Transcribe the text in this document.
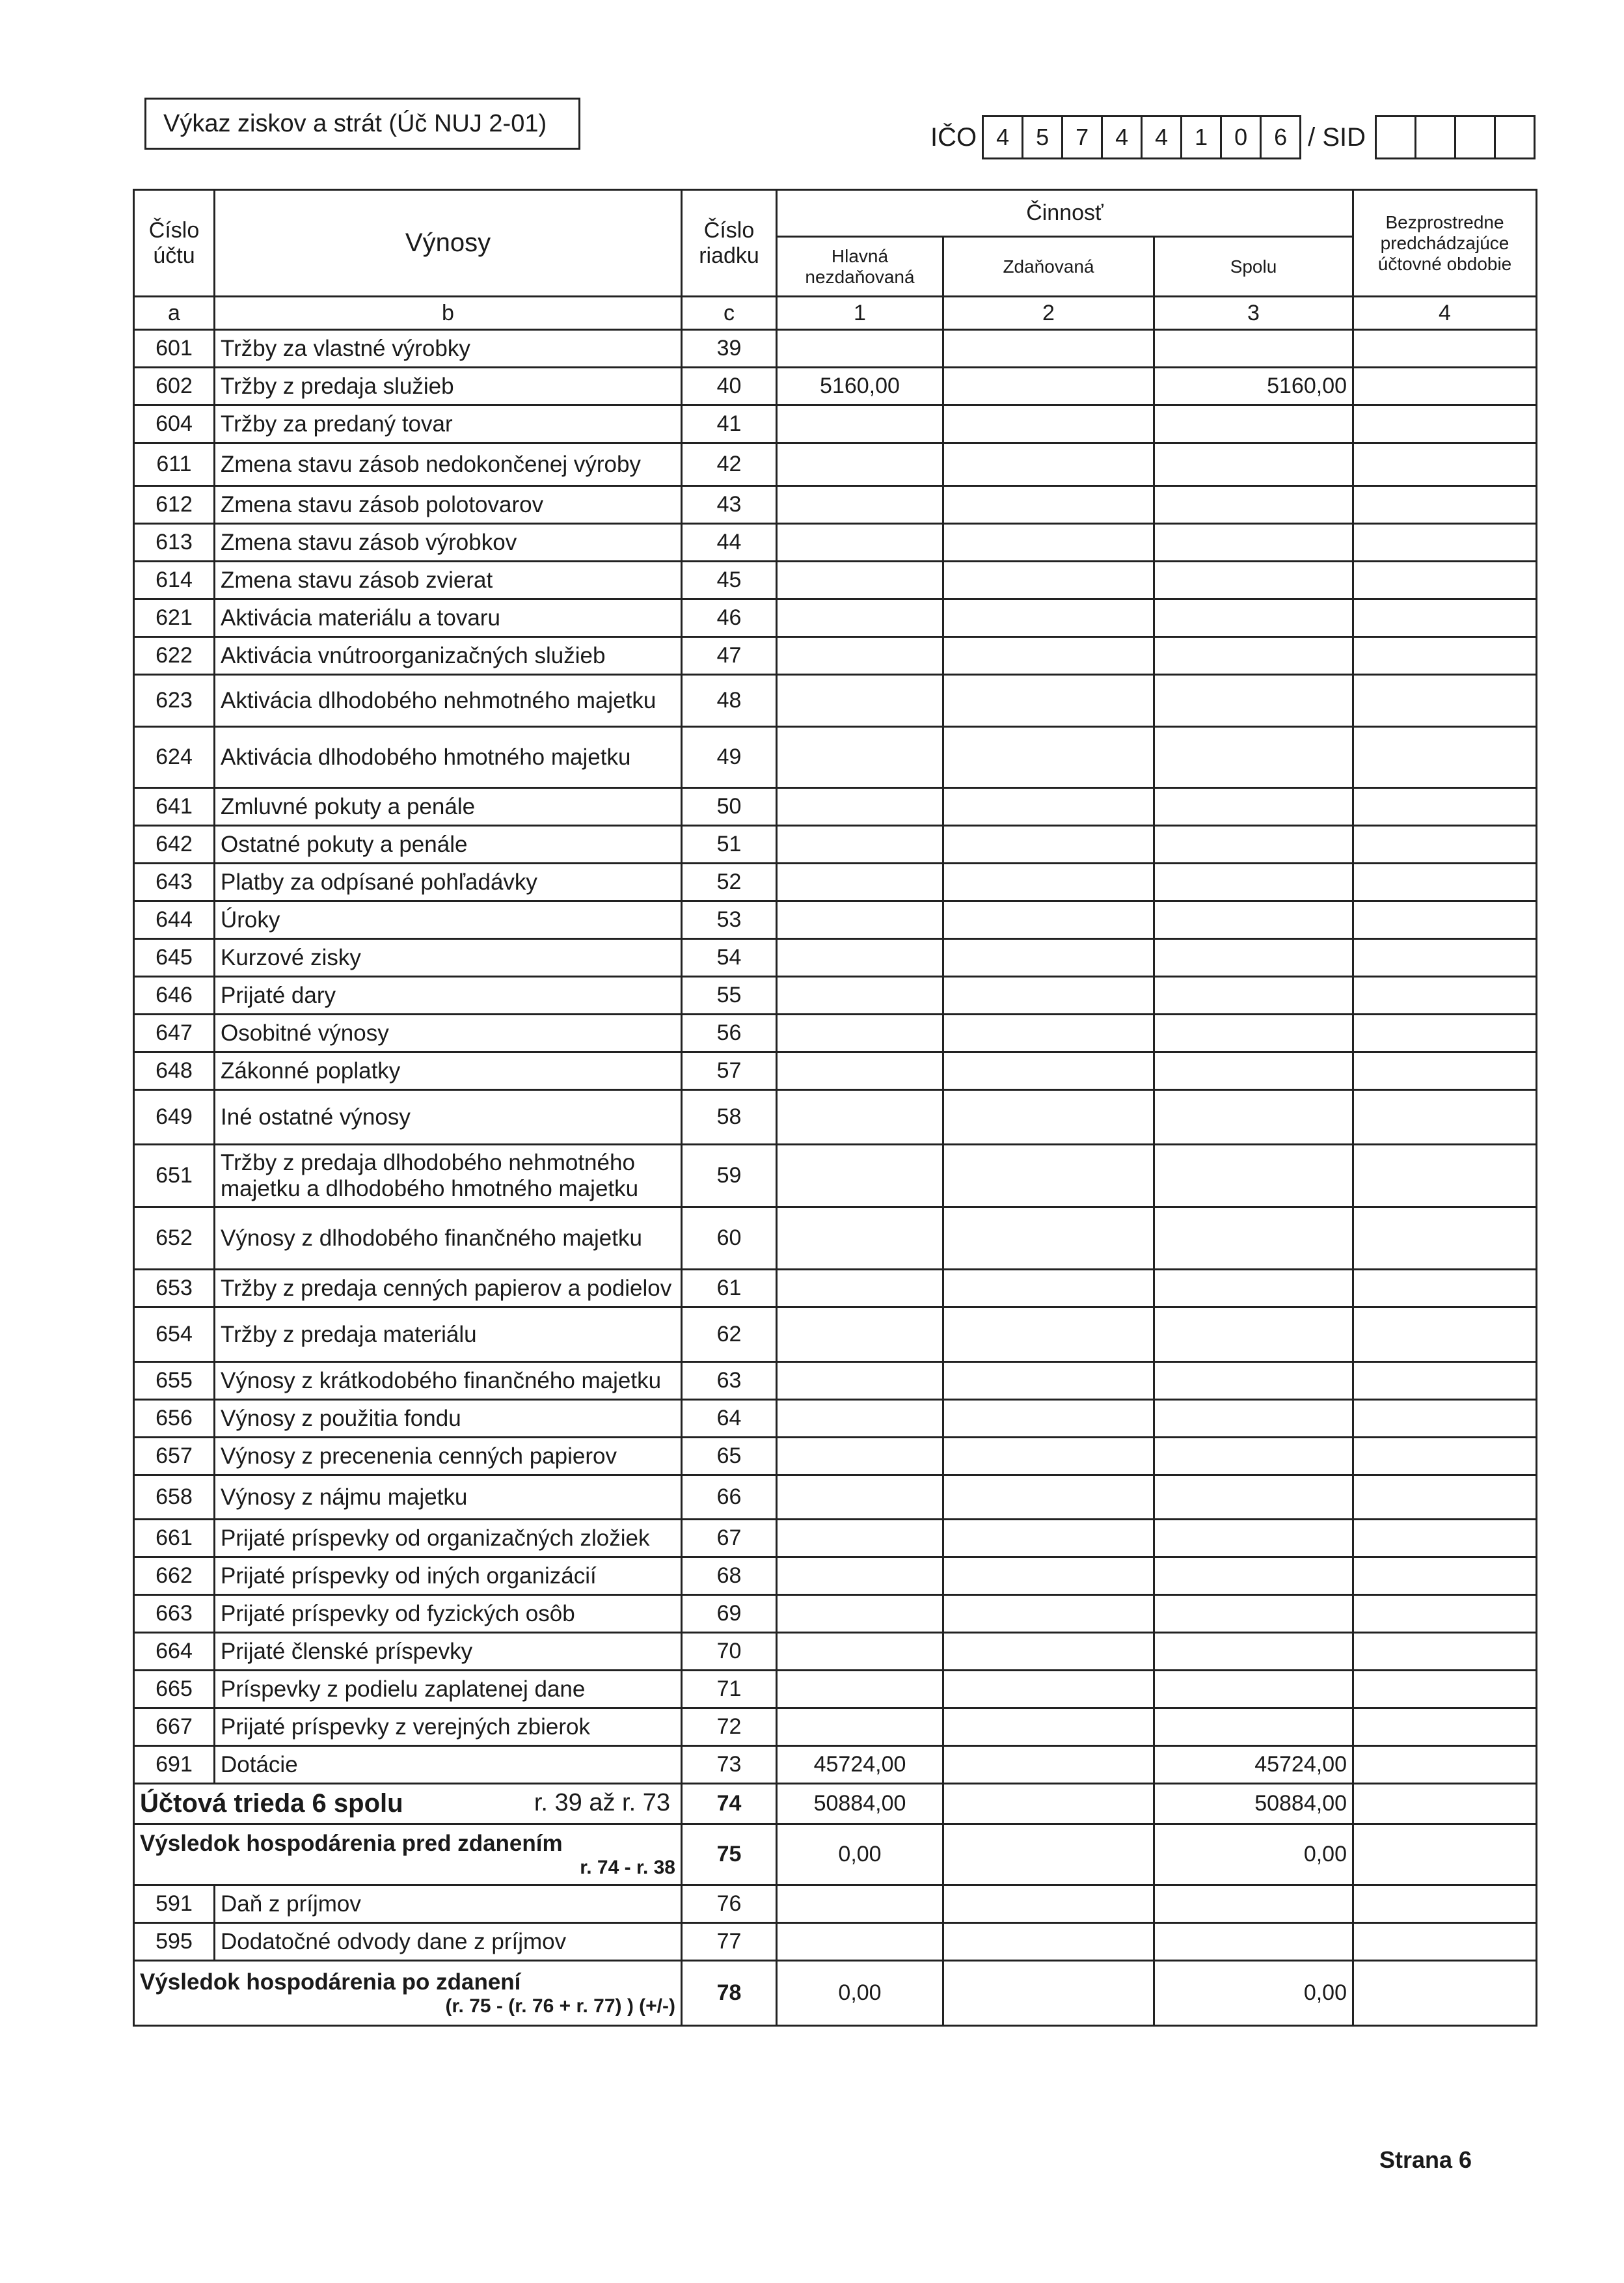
Výkaz ziskov a strát (Úč NUJ 2-01)	IČO 4	5	7	4	4	1	0	6 / SID
Číslo účtu	Výnosy	Číslo riadku	Činnosť			Bezprostredne predchádzajúce účtovné obdobie
			Hlavná nezdaňovaná	Zdaňovaná	Spolu	
a	b	c	1	2	3	4
601	Tržby za vlastné výrobky	39				
602	Tržby z predaja služieb	40	5160,00		5160,00	
604	Tržby za predaný tovar	41				
611	Zmena stavu zásob nedokončenej výroby	42				
612	Zmena stavu zásob polotovarov	43				
613	Zmena stavu zásob výrobkov	44				
614	Zmena stavu zásob zvierat	45				
621	Aktivácia materiálu a tovaru	46				
622	Aktivácia vnútroorganizačných služieb	47				
623	Aktivácia dlhodobého nehmotného majetku	48				
624	Aktivácia dlhodobého hmotného majetku	49				
641	Zmluvné pokuty a penále	50				
642	Ostatné pokuty a penále	51				
643	Platby za odpísané pohľadávky	52				
644	Úroky	53				
645	Kurzové zisky	54				
646	Prijaté dary	55				
647	Osobitné výnosy	56				
648	Zákonné poplatky	57				
649	Iné ostatné výnosy	58				
651	Tržby z predaja dlhodobého nehmotného majetku a dlhodobého hmotného majetku	59				
652	Výnosy z dlhodobého finančného majetku	60				
653	Tržby z predaja cenných papierov a podielov	61				
654	Tržby z predaja materiálu	62				
655	Výnosy z krátkodobého finančného majetku	63				
656	Výnosy z použitia fondu	64				
657	Výnosy z precenenia cenných papierov	65				
658	Výnosy z nájmu majetku	66				
661	Prijaté príspevky od organizačných zložiek	67				
662	Prijaté príspevky od iných organizácií	68				
663	Prijaté príspevky od fyzických osôb	69				
664	Prijaté členské príspevky	70				
665	Príspevky z podielu zaplatenej dane	71				
667	Prijaté príspevky z verejných zbierok	72				
691	Dotácie	73	45724,00		45724,00	
Účtová trieda 6 spolu r. 39 až r. 73		74	50884,00		50884,00	
Výsledok hospodárenia pred zdanením
r. 74 - r. 38		75	0,00		0,00	
591	Daň z príjmov	76				
595	Dodatočné odvody dane z príjmov	77				
Výsledok hospodárenia po zdanení
(r. 75 - (r. 76 + r. 77) ) (+/-)		78	0,00		0,00	
Strana 6
